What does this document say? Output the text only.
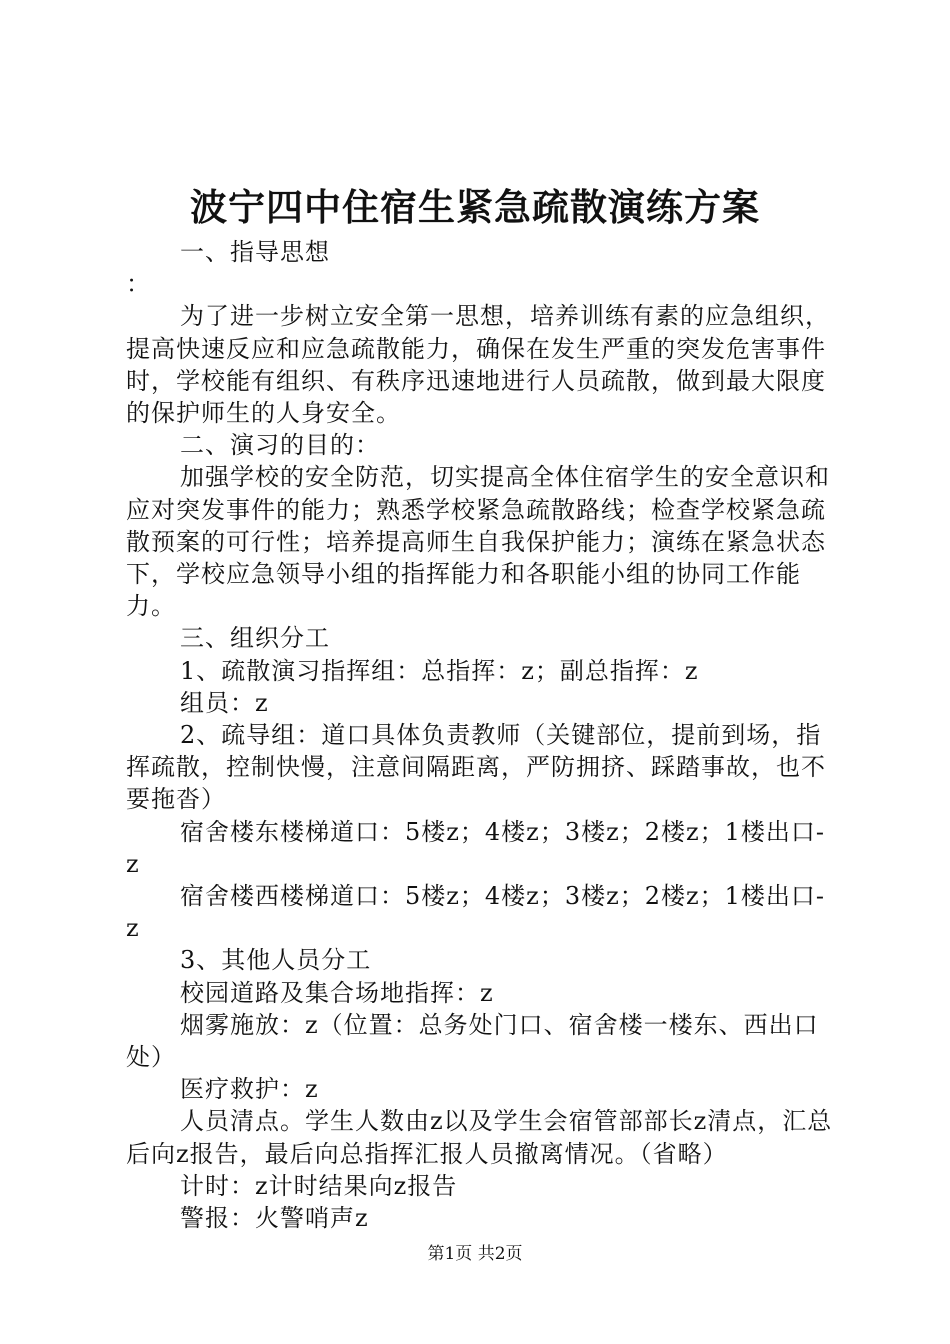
波宁四中住宿生紧急疏散演练方案

一、指导思想

：

为了进一步树立安全第一思想，培养训练有素的应急组织，提高快速反应和应急疏散能力，确保在发生严重的突发危害事件时，学校能有组织、有秩序迅速地进行人员疏散，做到最大限度的保护师生的人身安全。

二、演习的目的：

加强学校的安全防范，切实提高全体住宿学生的安全意识和应对突发事件的能力；熟悉学校紧急疏散路线；检查学校紧急疏散预案的可行性；培养提高师生自我保护能力；演练在紧急状态下，学校应急领导小组的指挥能力和各职能小组的协同工作能力。

三、组织分工

1、疏散演习指挥组：总指挥：z；副总指挥：z

组员：z

2、疏导组：道口具体负责教师（关键部位，提前到场，指挥疏散，控制快慢，注意间隔距离，严防拥挤、踩踏事故，也不要拖沓）

宿舍楼东楼梯道口：5楼z；4楼z；3楼z；2楼z；1楼出口-z

宿舍楼西楼梯道口：5楼z；4楼z；3楼z；2楼z；1楼出口-z

3、其他人员分工

校园道路及集合场地指挥：z

烟雾施放：z（位置：总务处门口、宿舍楼一楼东、西出口处）

医疗救护：z

人员清点。学生人数由z以及学生会宿管部部长z清点，汇总后向z报告，最后向总指挥汇报人员撤离情况。（省略）

计时：z计时结果向z报告

警报：火警哨声z

第1页 共2页
